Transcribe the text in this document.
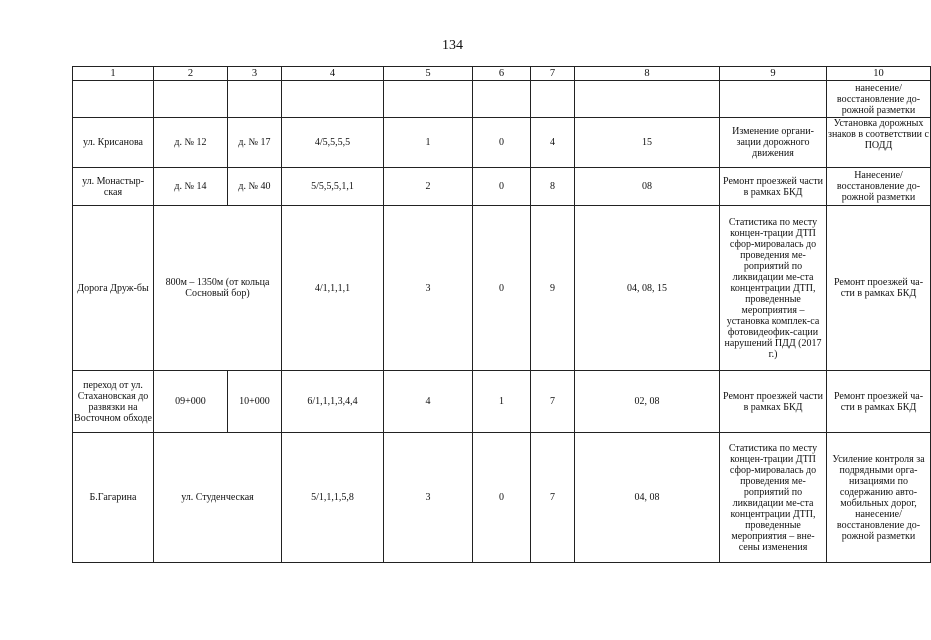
134
1	2	3	4	5	6	7	8	9	10
									нанесение/ восстановление до-рожной разметки
ул. Крисанова	д. № 12	д. № 17	4/5,5,5,5	1	0	4	15	Изменение органи-зации дорожного движения	Установка дорожных знаков в соответствии с ПОДД
ул. Монастыр-ская	д. № 14	д. № 40	5/5,5,5,1,1	2	0	8	08	Ремонт проезжей части в рамках БКД	Нанесение/ восстановление до-рожной разметки
Дорога Друж-бы	800м – 1350м (от кольца Сосновый бор)		4/1,1,1,1	3	0	9	04, 08, 15	Статистика по месту концен-трации ДТП сфор-мировалась до проведения ме-роприятий по ликвидации ме-ста концентрации ДТП, проведенные мероприятия – установка комплек-са фотовидеофик-сации нарушений ПДД (2017 г.)	Ремонт проезжей ча-сти в рамках БКД
переход от ул. Стахановская до развязки на Восточном обходе	09+000	10+000	6/1,1,1,3,4,4	4	1	7	02, 08	Ремонт проезжей части в рамках БКД	Ремонт проезжей ча-сти в рамках БКД
Б.Гагарина	ул. Студенческая		5/1,1,1,5,8	3	0	7	04, 08	Статистика по месту концен-трации ДТП сфор-мировалась до проведения ме-роприятий по ликвидации ме-ста концентрации ДТП, проведенные мероприятия – внe-сены изменения	Усиление контроля за подрядными орга-низациями по содержанию авто-мобильных дорог, нанесение/ восстановление до-рожной разметки
